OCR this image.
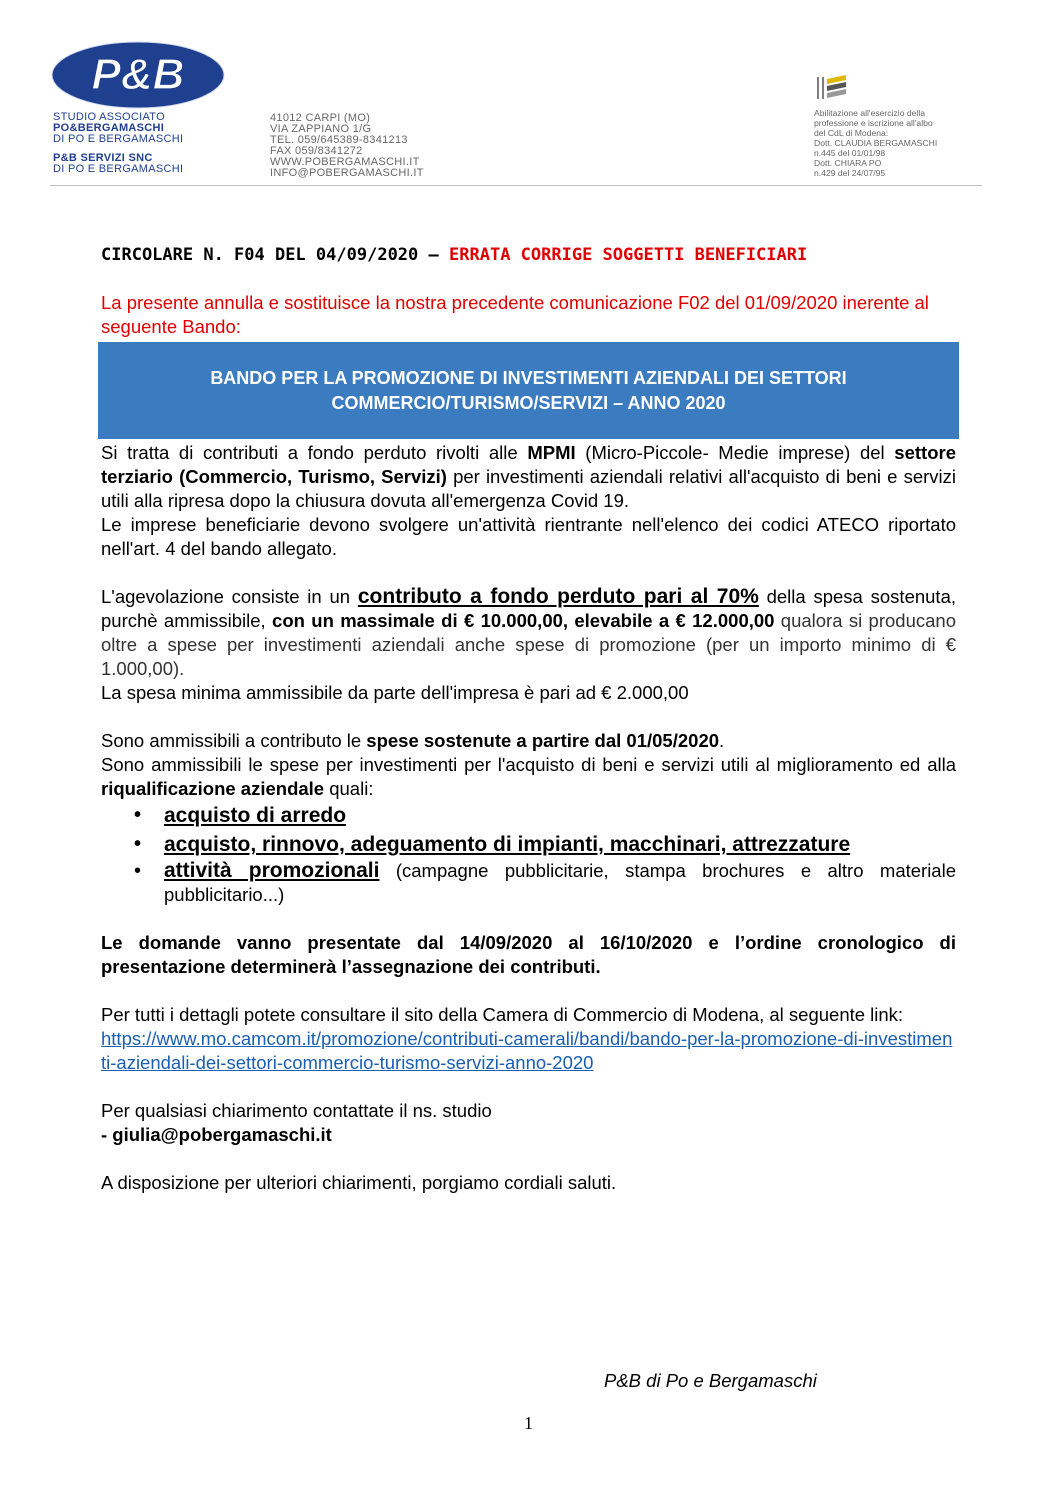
P&B
STUDIO ASSOCIATO
PO&BERGAMASCHI
DI PO E BERGAMASCHI
P&B SERVIZI SNC
DI PO E BERGAMASCHI
41012 CARPI (MO)
VIA ZAPPIANO 1/G
TEL. 059/645389-8341213
FAX 059/8341272
WWW.POBERGAMASCHI.IT
INFO@POBERGAMASCHI.IT
Abilitazione all'esercizio della
professione e iscrizione all'albo
del CdL di Modena:
Dott. CLAUDIA BERGAMASCHI
n.445 del 01/01/98
Dott. CHIARA PO
n.429 del 24/07/95
CIRCOLARE N. F04 DEL 04/09/2020 – ERRATA CORRIGE SOGGETTI BENEFICIARI

La presente annulla e sostituisce la nostra precedente comunicazione F02 del 01/09/2020 inerente al seguente Bando:

BANDO PER LA PROMOZIONE DI INVESTIMENTI AZIENDALI DEI SETTORI
COMMERCIO/TURISMO/SERVIZI – ANNO 2020

Si tratta di contributi a fondo perduto rivolti alle MPMI (Micro-Piccole- Medie imprese) del settore terziario (Commercio, Turismo, Servizi) per investimenti aziendali relativi all'acquisto di beni e servizi utili alla ripresa dopo la chiusura dovuta all'emergenza Covid 19.

Le imprese beneficiarie devono svolgere un'attività rientrante nell'elenco dei codici ATECO riportato nell'art. 4 del bando allegato.

L'agevolazione consiste in un contributo a fondo perduto pari al 70% della spesa sostenuta, purchè ammissibile, con un massimale di € 10.000,00, elevabile a € 12.000,00 qualora si producano oltre a spese per investimenti aziendali anche spese di promozione (per un importo minimo di € 1.000,00).

La spesa minima ammissibile da parte dell'impresa è pari ad € 2.000,00

Sono ammissibili a contributo le spese sostenute a partire dal 01/05/2020.

Sono ammissibili le spese per investimenti per l'acquisto di beni e servizi utili al miglioramento ed alla riqualificazione aziendale quali:

• acquisto di arredo
• acquisto, rinnovo, adeguamento di impianti, macchinari, attrezzature
• attività promozionali (campagne pubblicitarie, stampa brochures e altro materiale pubblicitario...)

Le domande vanno presentate dal 14/09/2020 al 16/10/2020 e l’ordine cronologico di presentazione determinerà l’assegnazione dei contributi.

Per tutti i dettagli potete consultare il sito della Camera di Commercio di Modena, al seguente link:

https://www.mo.camcom.it/promozione/contributi-camerali/bandi/bando-per-la-promozione-di-investimenti-aziendali-dei-settori-commercio-turismo-servizi-anno-2020

Per qualsiasi chiarimento contattate il ns. studio

- giulia@pobergamaschi.it

A disposizione per ulteriori chiarimenti, porgiamo cordiali saluti.

P&B di Po e Bergamaschi
1
